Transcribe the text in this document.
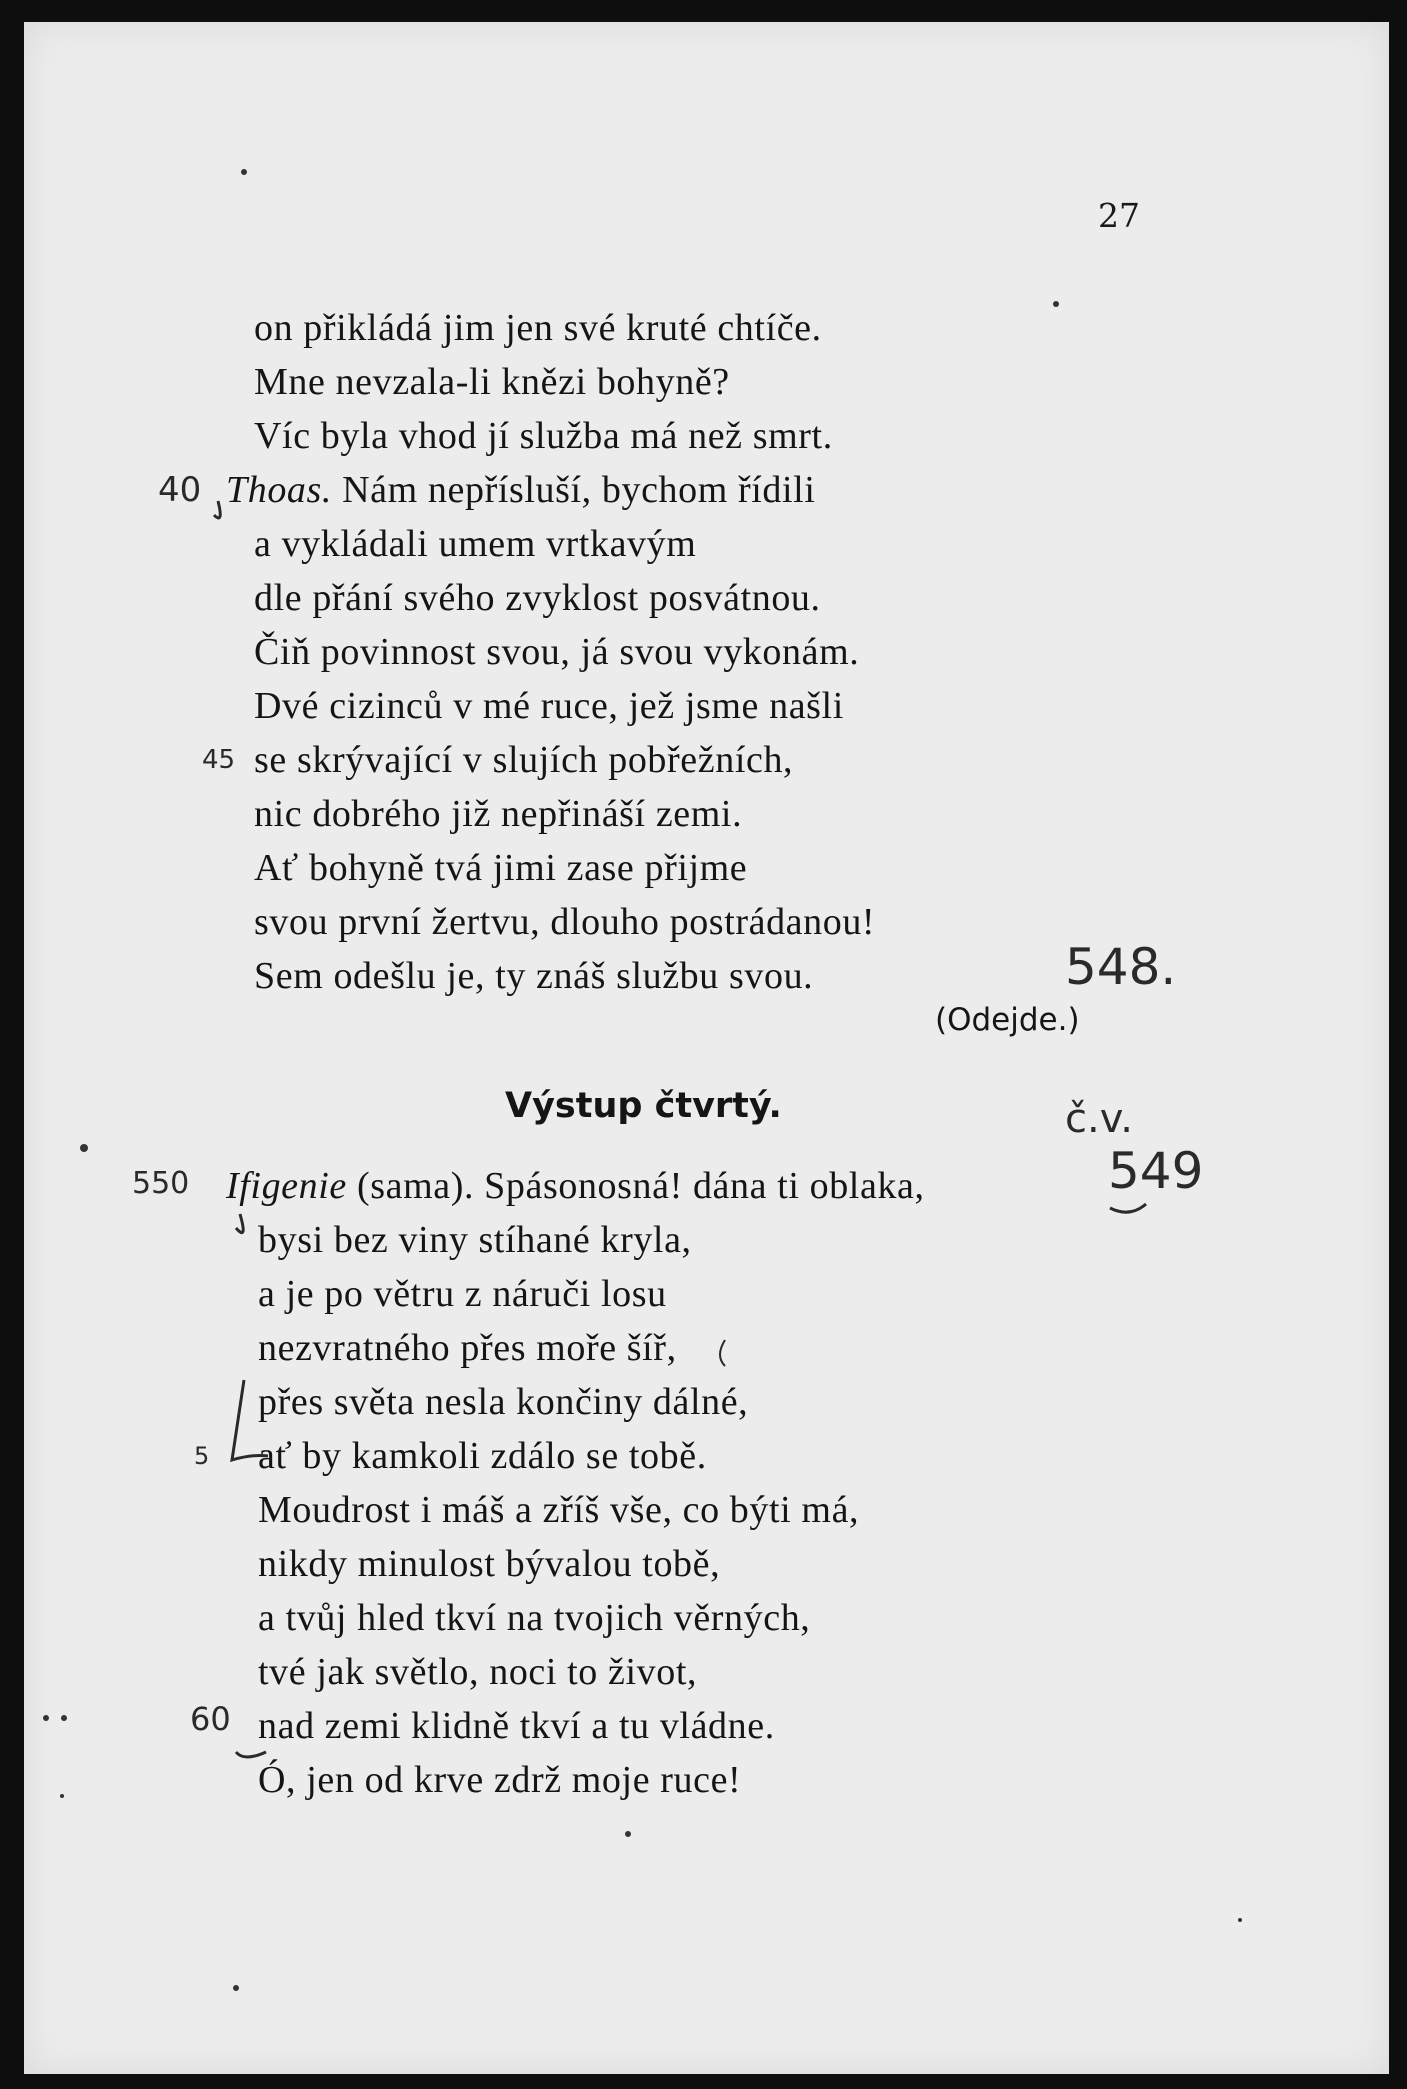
27
on přikládá jim jen své kruté chtíče.
Mne nevzala-li knězi bohyně?
Víc byla vhod jí služba má než smrt.
Thoas. Nám nepřísluší, bychom řídili
a vykládali umem vrtkavým
dle přání svého zvyklost posvátnou.
Čiň povinnost svou, já svou vykonám.
Dvé cizinců v mé ruce, jež jsme našli
se skrývající v slujích pobřežních,
nic dobrého již nepřináší zemi.
Ať bohyně tvá jimi zase přijme
svou první žertvu, dlouho postrádanou!
Sem odešlu je, ty znáš službu svou.
(Odejde.)
Výstup čtvrtý.
Ifigenie (sama). Spásonosná! dána ti oblaka,
bysi bez viny stíhané kryla,
a je po větru z náruči losu
nezvratného přes moře šíř,
přes světa nesla končiny dálné,
ať by kamkoli zdálo se tobě.
Moudrost i máš a zříš vše, co býti má,
nikdy minulost bývalou tobě,
a tvůj hled tkví na tvojich věrných,
tvé jak světlo, noci to život,
nad zemi klidně tkví a tu vládne.
Ó, jen od krve zdrž moje ruce!
40
45
548.
č.v.
549
550
5
60
